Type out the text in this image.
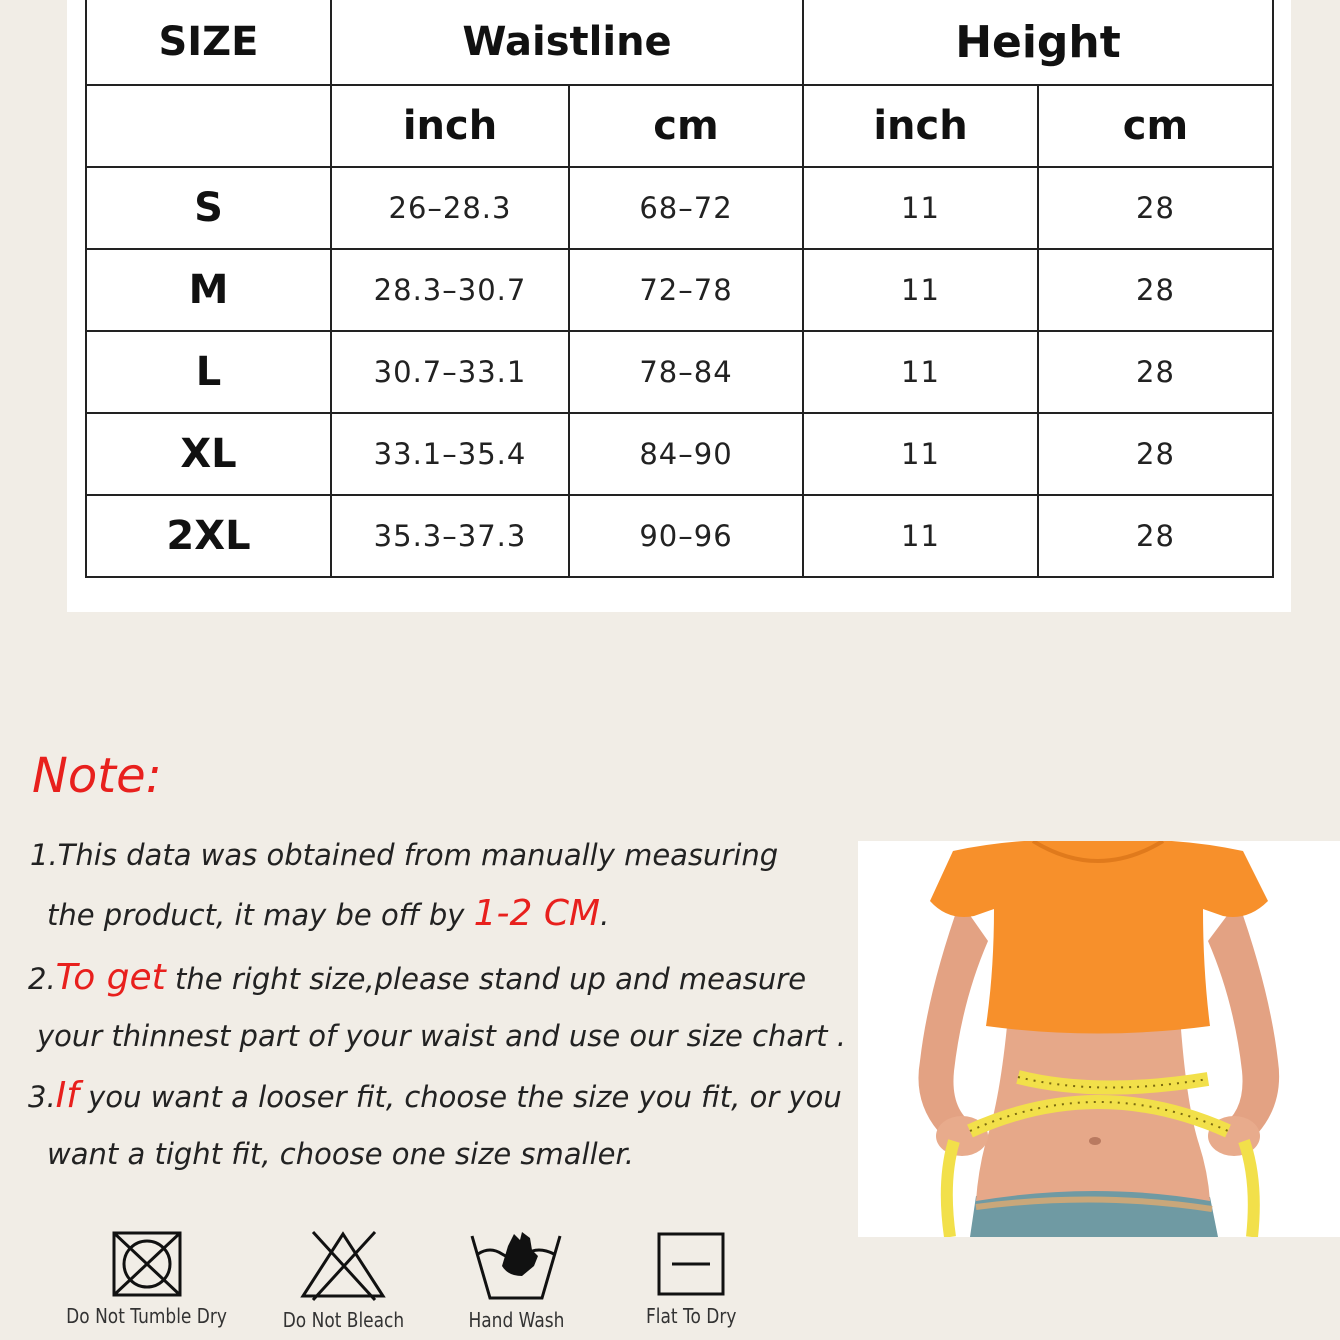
SIZE	Waistline		Height	
	inch	cm	inch	cm
S	26–28.3	68–72	11	28
M	28.3–30.7	72–78	11	28
L	30.7–33.1	78–84	11	28
XL	33.1–35.4	84–90	11	28
2XL	35.3–37.3	90–96	11	28
Note:
1.This data was obtained from manually measuring
the product, it may be off by 1-2 CM.
2.To get the right size,please stand up and measure
your thinnest part of your waist and use our size chart .
3.If you want a looser fit, choose the size you fit, or you
want a tight fit, choose one size smaller.
Do Not Tumble Dry	Do Not Bleach	Hand Wash	Flat To Dry
